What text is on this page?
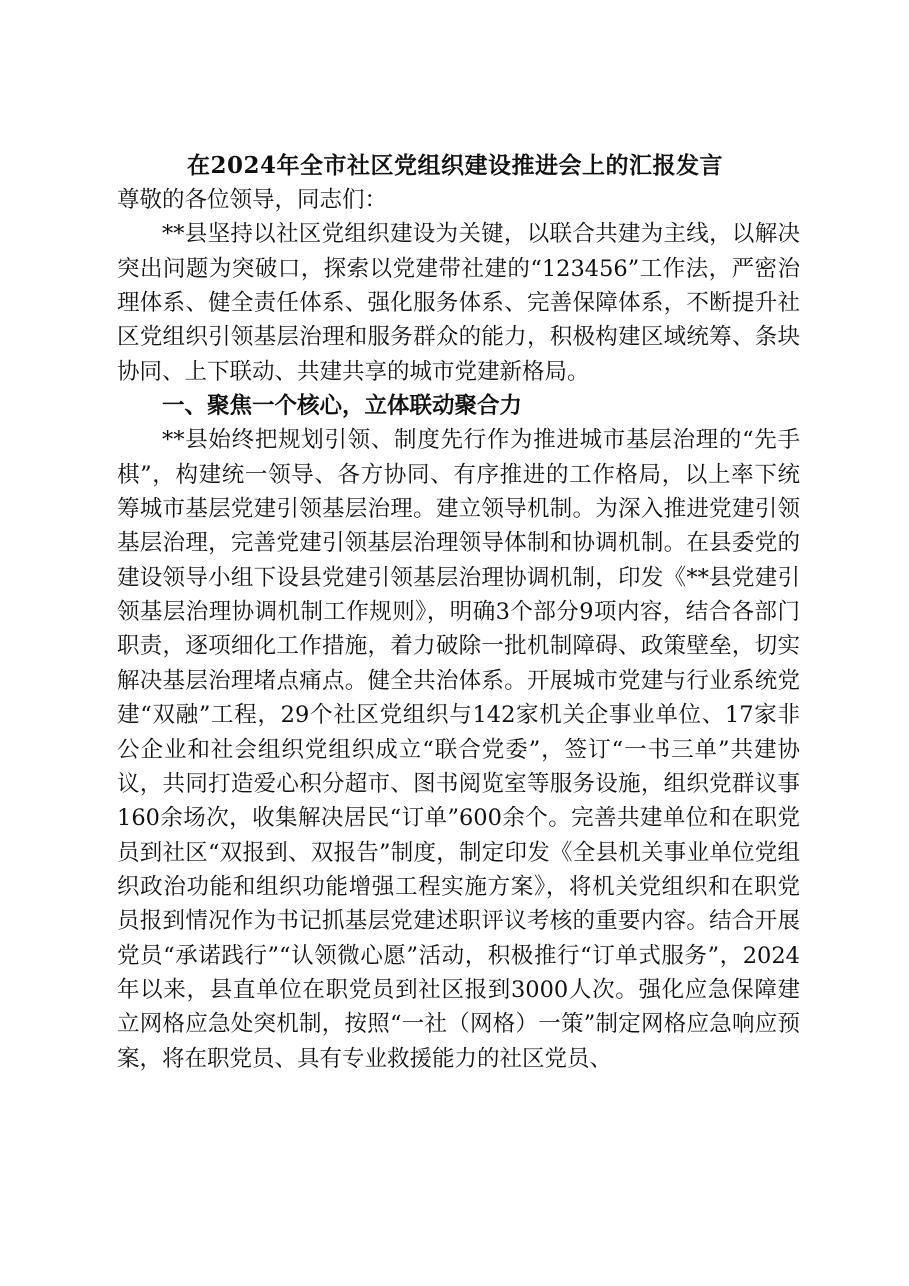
在2024年全市社区党组织建设推进会上的汇报发言

尊敬的各位领导，同志们：

**县坚持以社区党组织建设为关键，以联合共建为主线，以解决突出问题为突破口，探索以党建带社建的“123456”工作法，严密治理体系、健全责任体系、强化服务体系、完善保障体系，不断提升社区党组织引领基层治理和服务群众的能力，积极构建区域统筹、条块协同、上下联动、共建共享的城市党建新格局。

一、聚焦一个核心，立体联动聚合力

**县始终把规划引领、制度先行作为推进城市基层治理的“先手棋”，构建统一领导、各方协同、有序推进的工作格局，以上率下统筹城市基层党建引领基层治理。建立领导机制。为深入推进党建引领基层治理，完善党建引领基层治理领导体制和协调机制。在县委党的建设领导小组下设县党建引领基层治理协调机制，印发《**县党建引领基层治理协调机制工作规则》，明确3个部分9项内容，结合各部门职责，逐项细化工作措施，着力破除一批机制障碍、政策壁垒，切实解决基层治理堵点痛点。健全共治体系。开展城市党建与行业系统党建“双融”工程，29个社区党组织与142家机关企事业单位、17家非公企业和社会组织党组织成立“联合党委”，签订“一书三单”共建协议，共同打造爱心积分超市、图书阅览室等服务设施，组织党群议事160余场次，收集解决居民“订单”600余个。完善共建单位和在职党员到社区“双报到、双报告”制度，制定印发《全县机关事业单位党组织政治功能和组织功能增强工程实施方案》，将机关党组织和在职党员报到情况作为书记抓基层党建述职评议考核的重要内容。结合开展党员“承诺践行”“认领微心愿”活动，积极推行“订单式服务”，2024年以来，县直单位在职党员到社区报到3000人次。强化应急保障建立网格应急处突机制，按照“一社（网格）一策”制定网格应急响应预案，将在职党员、具有专业救援能力的社区党员、
